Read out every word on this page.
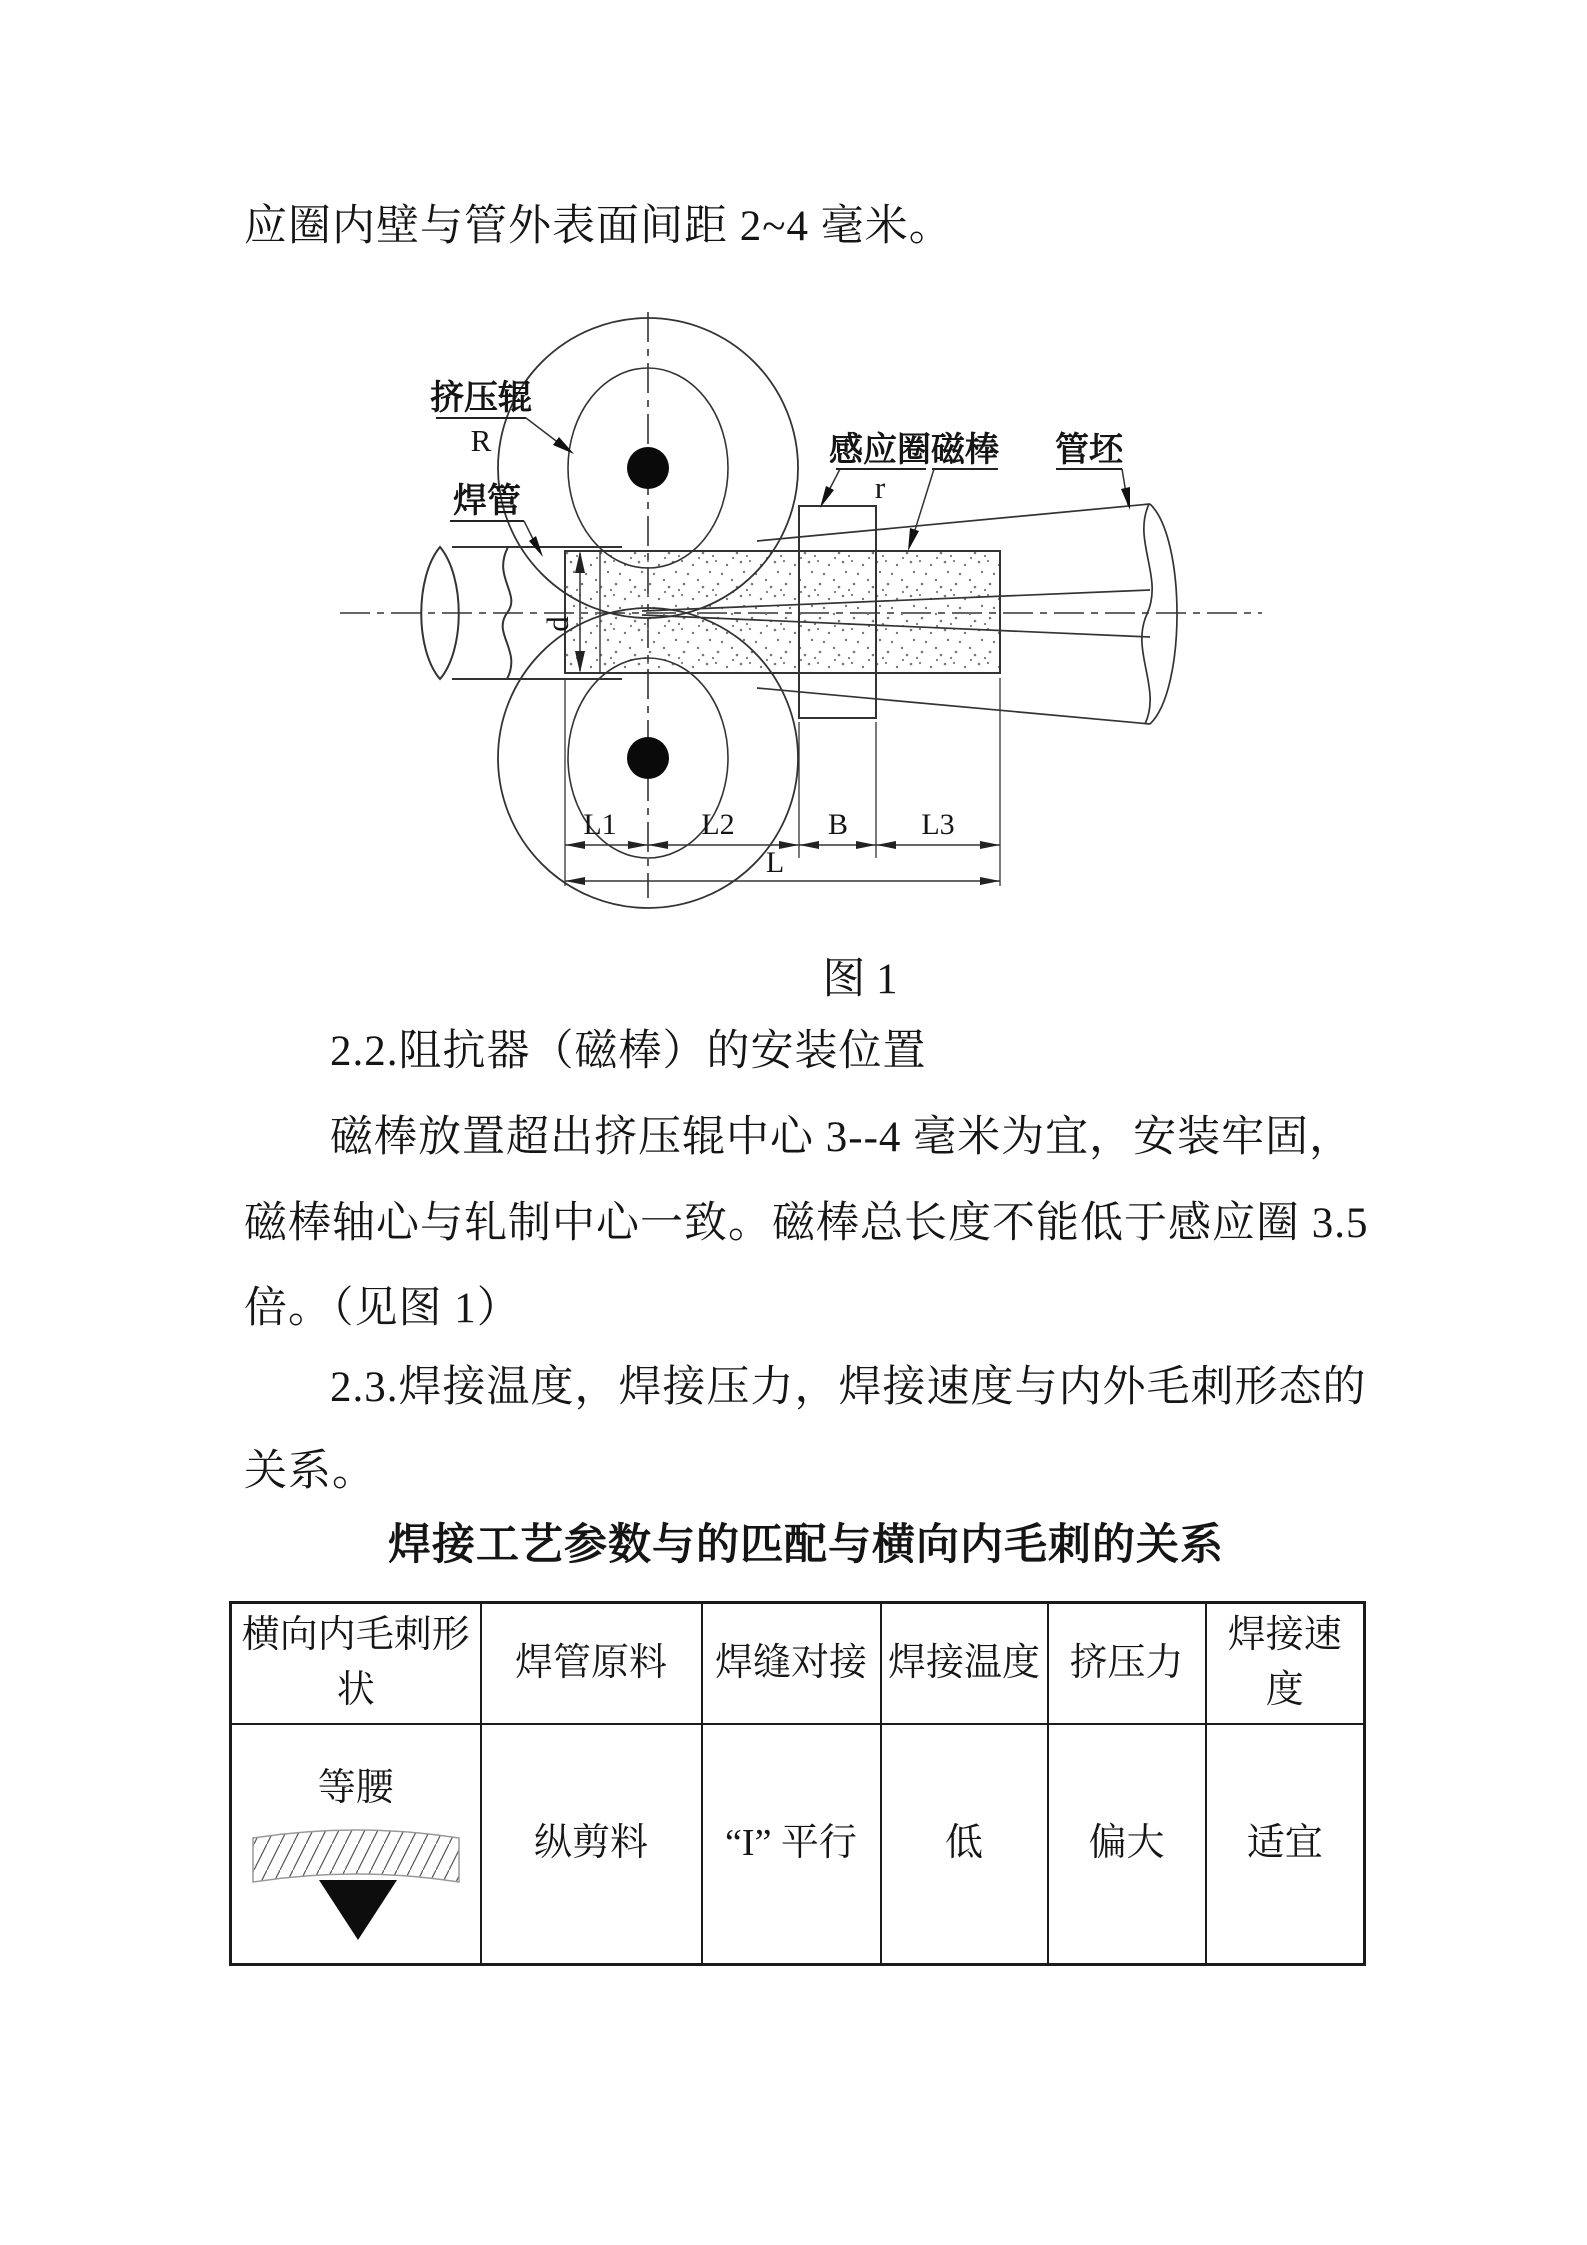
应圈内壁与管外表面间距 2~4 毫米。
d
挤压辊
R
焊管
感应圈
r
磁棒 管坯
L1	L2	B L3
L
图 1
2.2.阻抗器（磁棒）的安装位置
磁棒放置超出挤压辊中心 3--4 毫米为宜，安装牢固，
磁棒轴心与轧制中心一致。磁棒总长度不能低于感应圈 3.5
倍。（见图 1）
2.3.焊接温度，焊接压力，焊接速度与内外毛刺形态的
关系。
焊接工艺参数与的匹配与横向内毛刺的关系
横向内毛刺形状	焊管原料	焊缝对接	焊接温度	挤压力	焊接速度

等腰	纵剪料	“I” 平行	低	偏大	适宜
